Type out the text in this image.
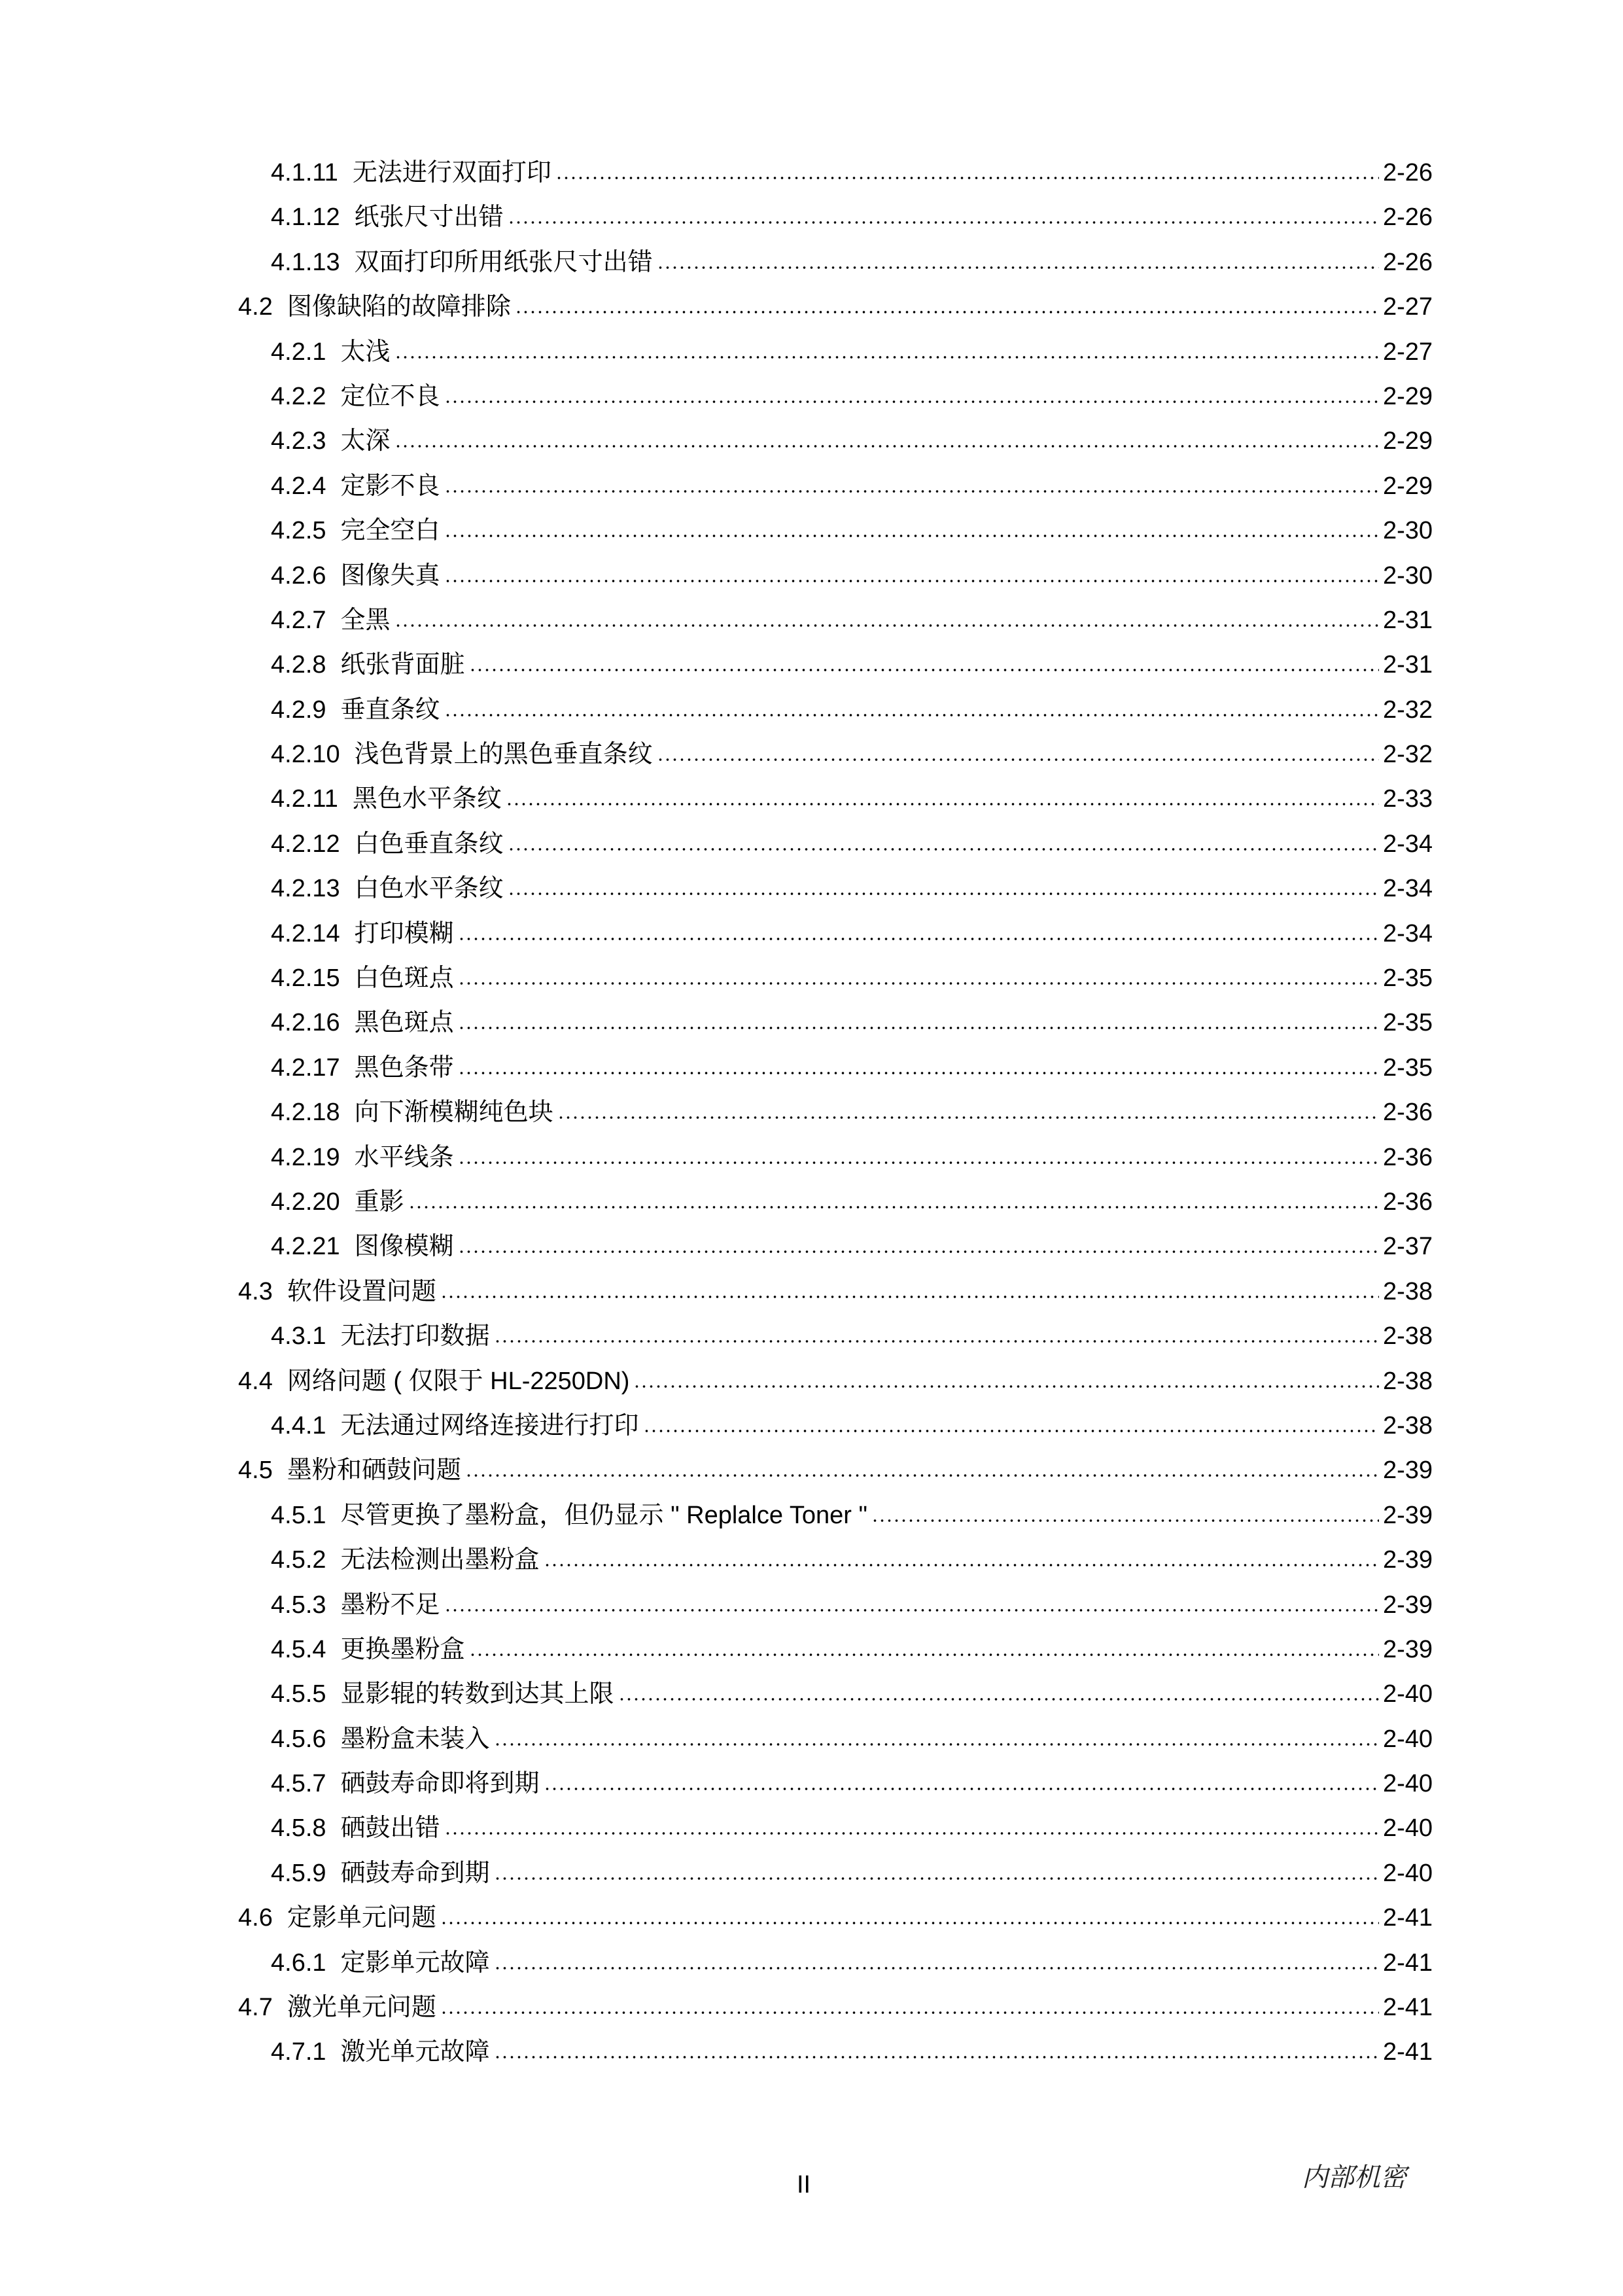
4.1.11 无法进行双面打印	2-26
4.1.12 纸张尺寸出错	2-26
4.1.13 双面打印所用纸张尺寸出错	2-26
4.2 图像缺陷的故障排除	2-27
4.2.1 太浅	2-27
4.2.2 定位不良	2-29
4.2.3 太深	2-29
4.2.4 定影不良	2-29
4.2.5 完全空白	2-30
4.2.6 图像失真	2-30
4.2.7 全黑	2-31
4.2.8 纸张背面脏	2-31
4.2.9 垂直条纹	2-32
4.2.10 浅色背景上的黑色垂直条纹	2-32
4.2.11 黑色水平条纹	2-33
4.2.12 白色垂直条纹	2-34
4.2.13 白色水平条纹	2-34
4.2.14 打印模糊	2-34
4.2.15 白色斑点	2-35
4.2.16 黑色斑点	2-35
4.2.17 黑色条带	2-35
4.2.18 向下渐模糊纯色块	2-36
4.2.19 水平线条	2-36
4.2.20 重影	2-36
4.2.21 图像模糊	2-37
4.3 软件设置问题	2-38
4.3.1 无法打印数据	2-38
4.4 网络问题 ( 仅限于 HL-2250DN)	2-38
4.4.1 无法通过网络连接进行打印	2-38
4.5 墨粉和硒鼓问题	2-39
4.5.1 尽管更换了墨粉盒，但仍显示 " Replalce Toner "	2-39
4.5.2 无法检测出墨粉盒	2-39
4.5.3 墨粉不足	2-39
4.5.4 更换墨粉盒	2-39
4.5.5 显影辊的转数到达其上限	2-40
4.5.6 墨粉盒未装入	2-40
4.5.7 硒鼓寿命即将到期	2-40
4.5.8 硒鼓出错	2-40
4.5.9 硒鼓寿命到期	2-40
4.6 定影单元问题	2-41
4.6.1 定影单元故障	2-41
4.7 激光单元问题	2-41
4.7.1 激光单元故障	2-41
II	内部机密
